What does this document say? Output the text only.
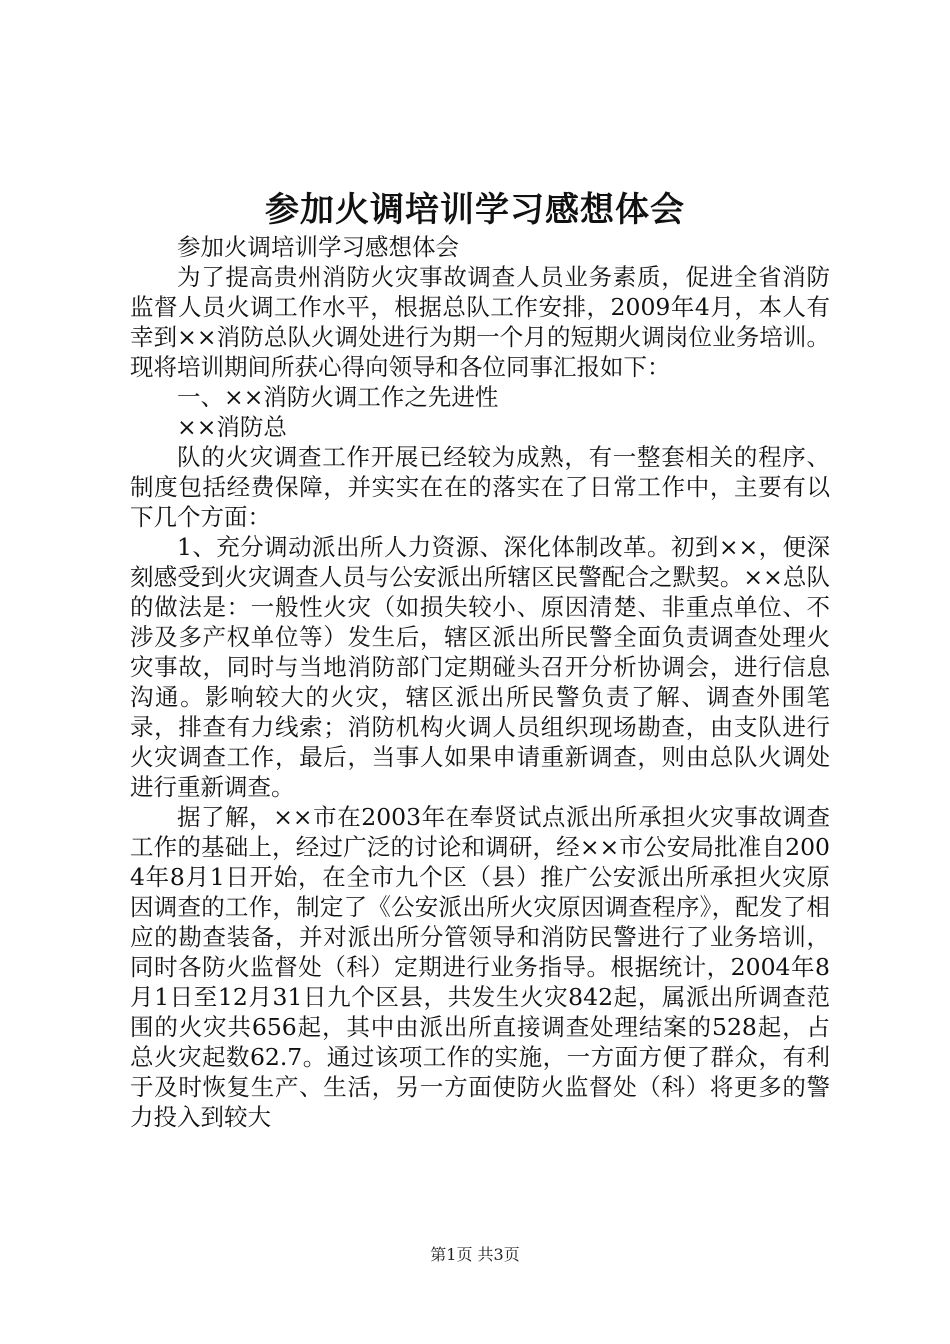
参加火调培训学习感想体会

参加火调培训学习感想体会

为了提高贵州消防火灾事故调查人员业务素质，促进全省消防监督人员火调工作水平，根据总队工作安排，2009年4月，本人有幸到××消防总队火调处进行为期一个月的短期火调岗位业务培训。现将培训期间所获心得向领导和各位同事汇报如下：

一、××消防火调工作之先进性

××消防总

队的火灾调查工作开展已经较为成熟，有一整套相关的程序、制度包括经费保障，并实实在在的落实在了日常工作中，主要有以下几个方面：

1、充分调动派出所人力资源、深化体制改革。初到××，便深刻感受到火灾调查人员与公安派出所辖区民警配合之默契。××总队的做法是：一般性火灾（如损失较小、原因清楚、非重点单位、不涉及多产权单位等）发生后，辖区派出所民警全面负责调查处理火灾事故，同时与当地消防部门定期碰头召开分析协调会，进行信息沟通。影响较大的火灾，辖区派出所民警负责了解、调查外围笔录，排查有力线索；消防机构火调人员组织现场勘查，由支队进行火灾调查工作，最后，当事人如果申请重新调查，则由总队火调处进行重新调查。

据了解，××市在2003年在奉贤试点派出所承担火灾事故调查工作的基础上，经过广泛的讨论和调研，经××市公安局批准自2004年8月1日开始，在全市九个区（县）推广公安派出所承担火灾原因调查的工作，制定了《公安派出所火灾原因调查程序》，配发了相应的勘查装备，并对派出所分管领导和消防民警进行了业务培训，同时各防火监督处（科）定期进行业务指导。根据统计，2004年8月1日至12月31日九个区县，共发生火灾842起，属派出所调查范围的火灾共656起，其中由派出所直接调查处理结案的528起，占总火灾起数62.7。通过该项工作的实施，一方面方便了群众，有利于及时恢复生产、生活，另一方面使防火监督处（科）将更多的警力投入到较大

第1页 共3页
